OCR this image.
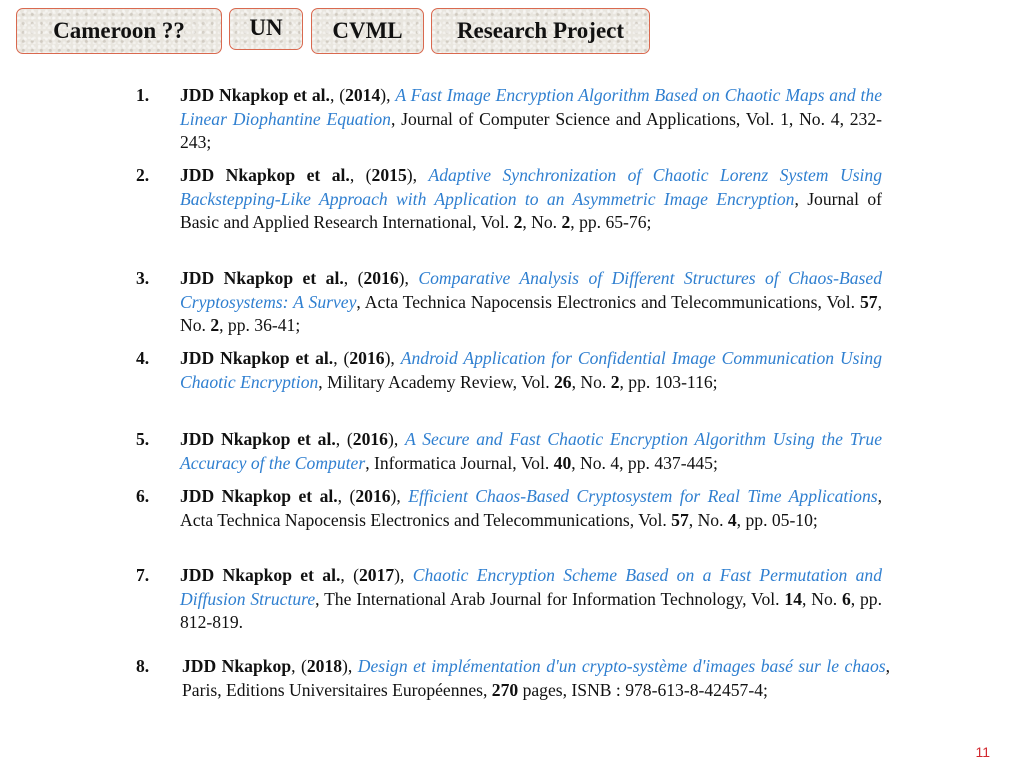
Cameroon ??	UN	CVML	Research Project
1.	JDD Nkapkop et al., (2014), A Fast Image Encryption Algorithm Based on Chaotic Maps and the Linear Diophantine Equation, Journal of Computer Science and Applications, Vol. 1, No. 4, 232-243;
2.	JDD Nkapkop et al., (2015), Adaptive Synchronization of Chaotic Lorenz System Using Backstepping-Like Approach with Application to an Asymmetric Image Encryption, Journal of Basic and Applied Research International, Vol. 2, No. 2, pp. 65-76;
3.	JDD Nkapkop et al., (2016), Comparative Analysis of Different Structures of Chaos-Based Cryptosystems: A Survey, Acta Technica Napocensis Electronics and Telecommunications, Vol. 57, No. 2, pp. 36-41;
4.	JDD Nkapkop et al., (2016), Android Application for Confidential Image Communication Using Chaotic Encryption, Military Academy Review, Vol. 26, No. 2, pp. 103-116;
5.	JDD Nkapkop et al., (2016), A Secure and Fast Chaotic Encryption Algorithm Using the True Accuracy of the Computer, Informatica Journal, Vol. 40, No. 4, pp. 437-445;
6.	JDD Nkapkop et al., (2016), Efficient Chaos-Based Cryptosystem for Real Time Applications, Acta Technica Napocensis Electronics and Telecommunications, Vol. 57, No. 4, pp. 05-10;
7.	JDD Nkapkop et al., (2017), Chaotic Encryption Scheme Based on a Fast Permutation and Diffusion Structure, The International Arab Journal for Information Technology, Vol. 14, No. 6, pp. 812-819.
8.	JDD Nkapkop, (2018), Design et implémentation d'un crypto-système d'images basé sur le chaos, Paris, Editions Universitaires Européennes, 270 pages, ISNB : 978-613-8-42457-4;
11
